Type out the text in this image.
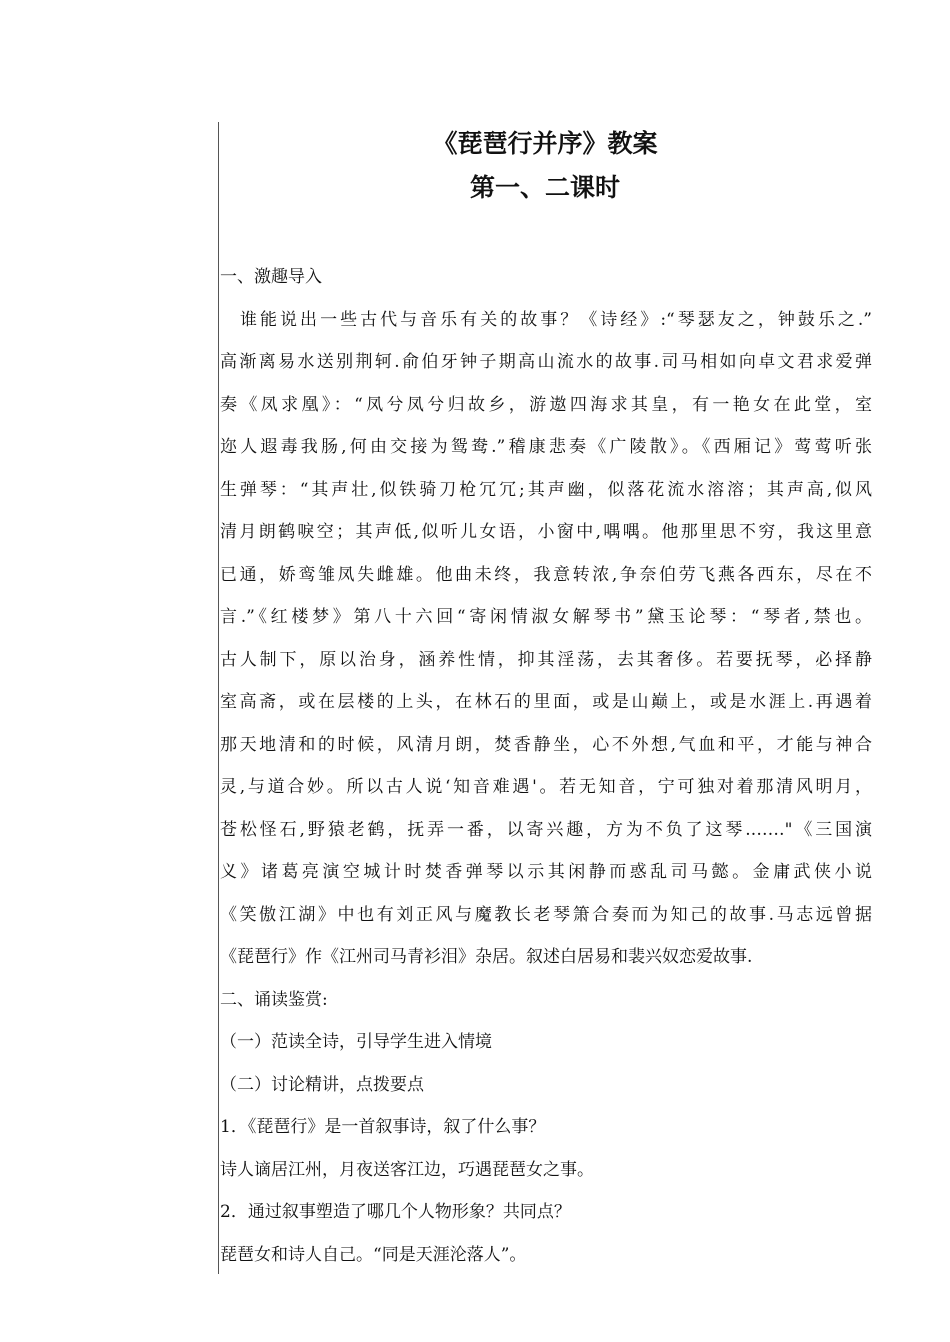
《琵琶行并序》教案
第一、二课时
一、激趣导入
　谁能说出一些古代与音乐有关的故事？《诗经》:“琴瑟友之，钟鼓乐之.”
高渐离易水送别荆轲.俞伯牙钟子期高山流水的故事.司马相如向卓文君求爱弹
奏《凤求凰》：“凤兮凤兮归故乡，游遨四海求其皇，有一艳女在此堂，室
迩人遐毒我肠,何由交接为鸳鸯.”稽康悲奏《广陵散》。《西厢记》莺莺听张
生弹琴：“其声壮,似铁骑刀枪冗冗;其声幽，似落花流水溶溶；其声高,似风
清月朗鹤唳空；其声低,似听儿女语，小窗中,喁喁。他那里思不穷，我这里意
已通，娇鸾雏凤失雌雄。他曲未终，我意转浓,争奈伯劳飞燕各西东，尽在不
言.”《红楼梦》第八十六回“寄闲情淑女解琴书”黛玉论琴：“琴者,禁也。
古人制下，原以治身，涵养性情，抑其淫荡，去其奢侈。若要抚琴，必择静
室高斋，或在层楼的上头，在林石的里面，或是山巅上，或是水涯上.再遇着
那天地清和的时候，风清月朗，焚香静坐，心不外想,气血和平，才能与神合
灵,与道合妙。所以古人说‘知音难遇'。若无知音，宁可独对着那清风明月，
苍松怪石,野猿老鹤，抚弄一番，以寄兴趣，方为不负了这琴.……"《三国演
义》诸葛亮演空城计时焚香弹琴以示其闲静而惑乱司马懿。金庸武侠小说
《笑傲江湖》中也有刘正风与魔教长老琴箫合奏而为知己的故事.马志远曾据
《琵琶行》作《江州司马青衫泪》杂居。叙述白居易和裴兴奴恋爱故事.
二、诵读鉴赏:
（一）范读全诗，引导学生进入情境
（二）讨论精讲，点拨要点
1．《琵琶行》是一首叙事诗，叙了什么事？
诗人谪居江州，月夜送客江边，巧遇琵琶女之事。
2．通过叙事塑造了哪几个人物形象？共同点？
琵琶女和诗人自己。“同是天涯沦落人”。
